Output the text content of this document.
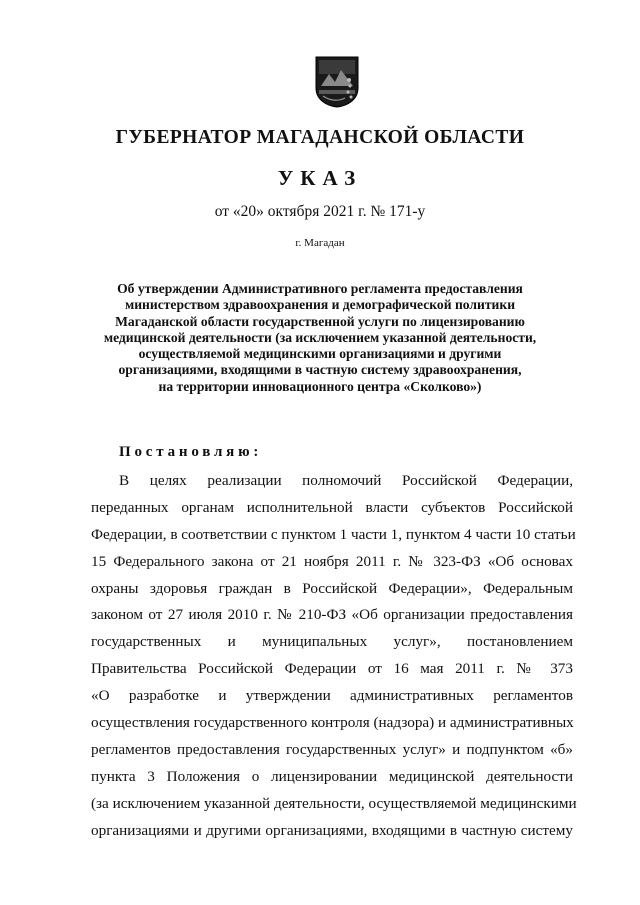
ГУБЕРНАТОР МАГАДАНСКОЙ ОБЛАСТИ
УКАЗ
от «20» октября 2021 г. № 171-у
г. Магадан
Об утверждении Административного регламента предоставления
министерством здравоохранения и демографической политики
Магаданской области государственной услуги по лицензированию
медицинской деятельности (за исключением указанной деятельности,
осуществляемой медицинскими организациями и другими
организациями, входящими в частную систему здравоохранения,
на территории инновационного центра «Сколково»)
Постановляю:
В целях реализации полномочий Российской Федерации,
переданных органам исполнительной власти субъектов Российской
Федерации, в соответствии с пунктом 1 части 1, пунктом 4 части 10 статьи
15 Федерального закона от 21 ноября 2011 г. № 323-ФЗ «Об основах
охраны здоровья граждан в Российской Федерации», Федеральным
законом от 27 июля 2010 г. № 210-ФЗ «Об организации предоставления
государственных и муниципальных услуг», постановлением
Правительства Российской Федерации от 16 мая 2011 г. № 373
«О разработке и утверждении административных регламентов
осуществления государственного контроля (надзора) и административных
регламентов предоставления государственных услуг» и подпунктом «б»
пункта 3 Положения о лицензировании медицинской деятельности
(за исключением указанной деятельности, осуществляемой медицинскими
организациями и другими организациями, входящими в частную систему
